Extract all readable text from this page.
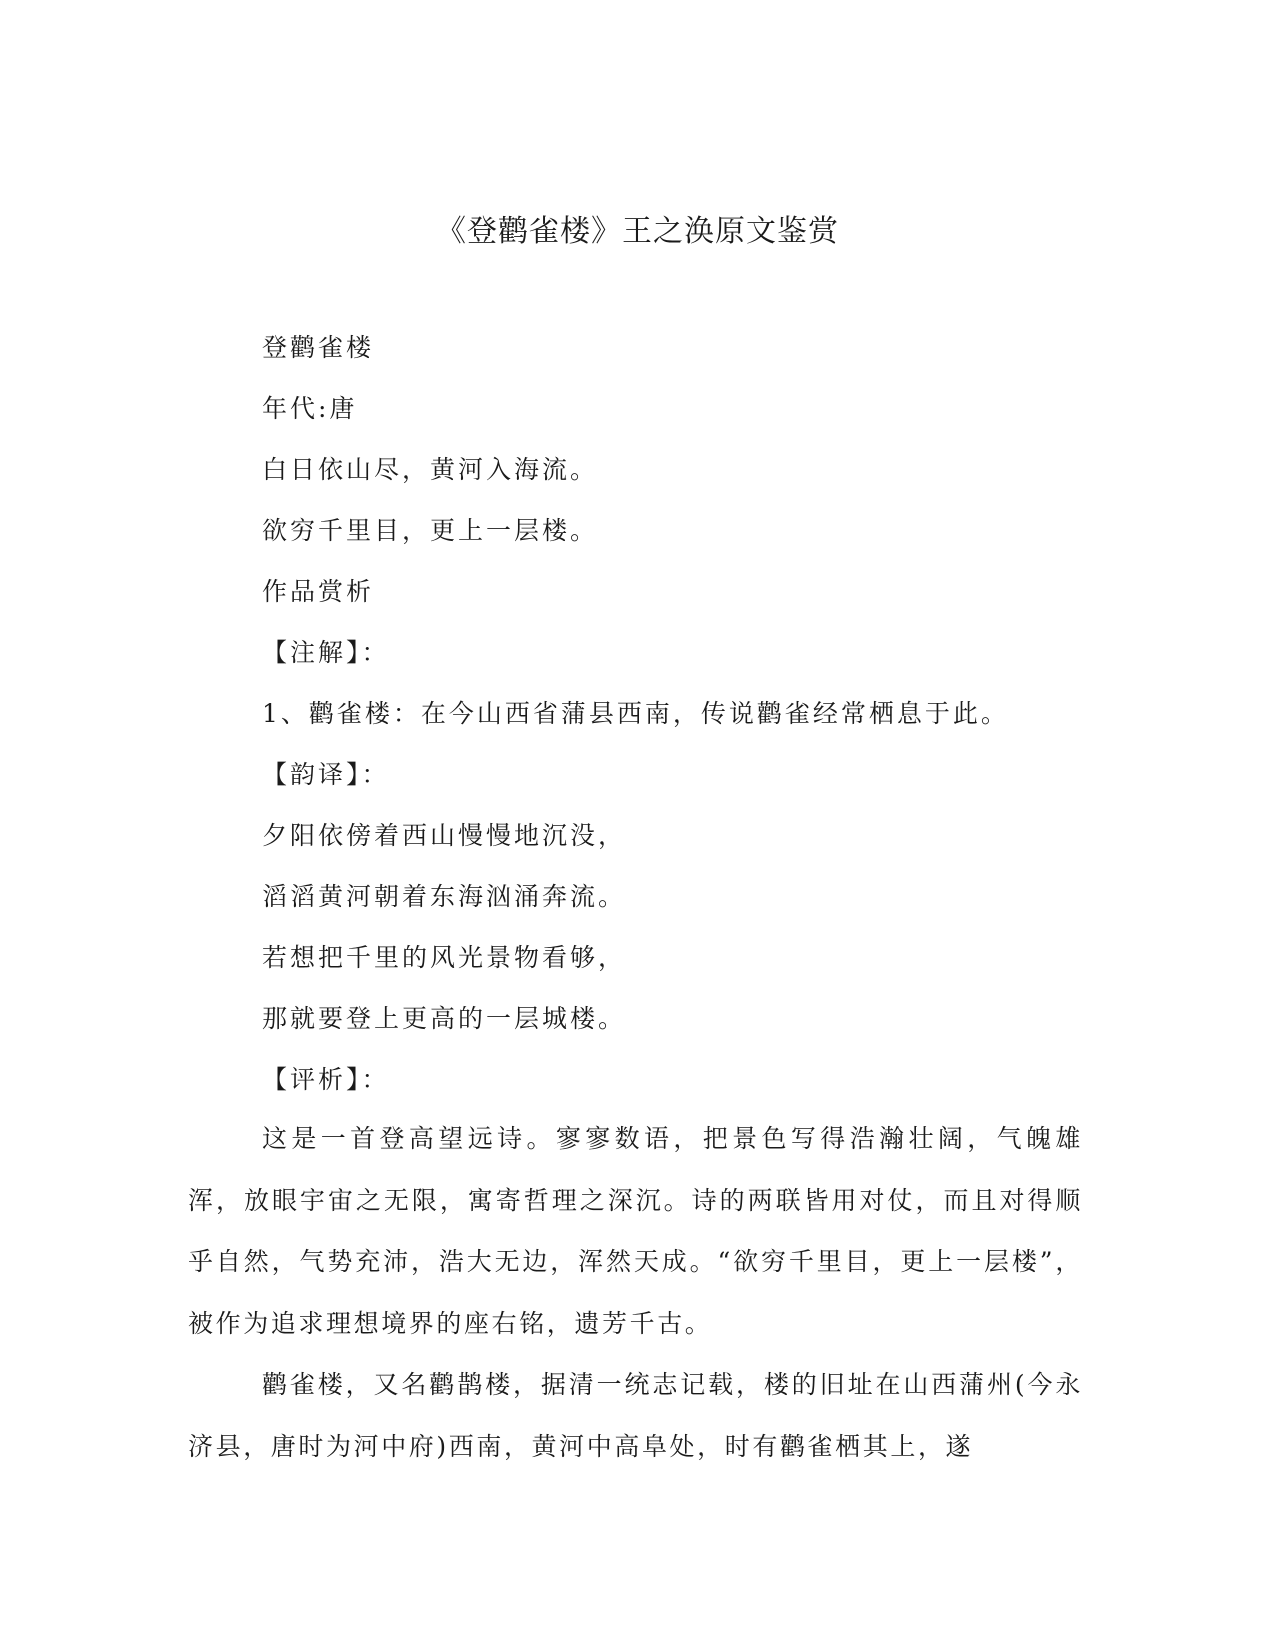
《登鹳雀楼》王之涣原文鉴赏
登鹳雀楼
年代:唐
白日依山尽，黄河入海流。
欲穷千里目，更上一层楼。
作品赏析
【注解】：
1、鹳雀楼：在今山西省蒲县西南，传说鹳雀经常栖息于此。
【韵译】：
夕阳依傍着西山慢慢地沉没，
滔滔黄河朝着东海汹涌奔流。
若想把千里的风光景物看够，
那就要登上更高的一层城楼。
【评析】：
这是一首登高望远诗。寥寥数语，把景色写得浩瀚壮阔，气魄雄浑，放眼宇宙之无限，寓寄哲理之深沉。诗的两联皆用对仗，而且对得顺乎自然，气势充沛，浩大无边，浑然天成。“欲穷千里目，更上一层楼”，被作为追求理想境界的座右铭，遗芳千古。
鹳雀楼，又名鹳鹊楼，据清一统志记载，楼的旧址在山西蒲州(今永济县，唐时为河中府)西南，黄河中高阜处，时有鹳雀栖其上，遂
